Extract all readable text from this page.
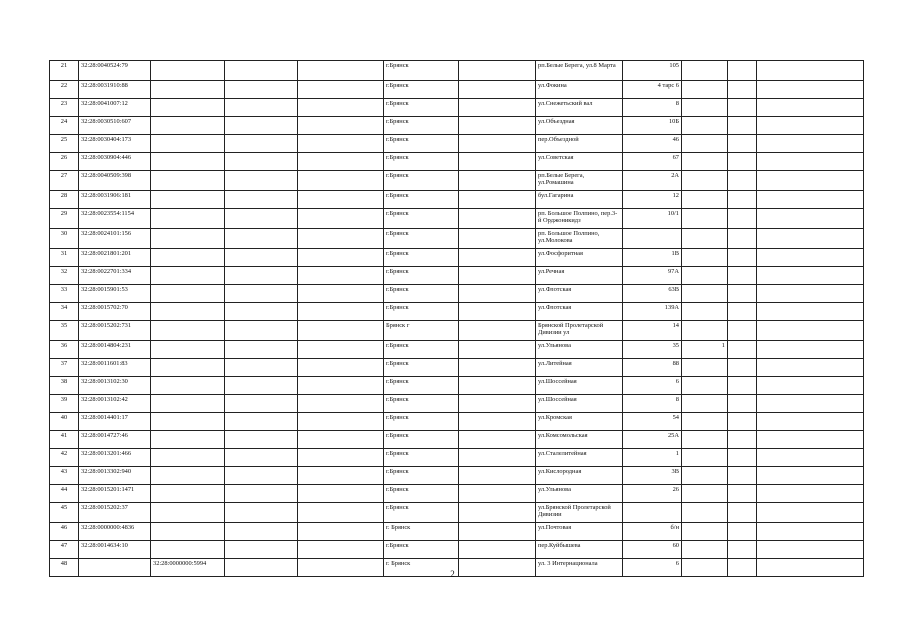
21	32:28:0040524:79				г.Брянск		рп.Белые Берега, ул.8 Марта	105			
22	32:28:0031910:88				г.Брянск		ул.Фокина	4 тарс 6			
23	32:28:0041007:12				г.Брянск		ул.Снежетьский вал	8			
24	32:28:0030510:607				г.Брянск		ул.Объездная	10Б			
25	32:28:0030404:173				г.Брянск		пер.Объездной	46			
26	32:28:0030904:446				г.Брянск		ул.Советская	67			
27	32:28:0040509:398				г.Брянск		рп.Белые Берега, ул.Ромашина	2А			
28	32:28:0031906:181				г.Брянск		бул.Гагарина	12			
29	32:28:0023554:1154				г.Брянск		рп. Большое Полпино, пер.3-й Орджоникидз	10/1			
30	32:28:0024101:156				г.Брянск		рп. Большое Полпино, ул.Молокова				
31	32:28:0021801:201				г.Брянск		ул.Фосфоритная	1В			
32	32:28:0022701:334				г.Брянск		ул.Речная	97А			
33	32:28:0015901:53				г.Брянск		ул.Флотская	63В			
34	32:28:0015702:70				г.Брянск		ул.Флотская	139А			
35	32:28:0015202:731				Брянск г		Брянской Пролетарской Дивизии ул	14			
36	32:28:0014804:231				г.Брянск		ул.Ульянова	35	1		
37	32:28:0011601:83				г.Брянск		ул.Литейная	88			
38	32:28:0013102:30				г.Брянск		ул.Шоссейная	6			
39	32:28:0013102:42				г.Брянск		ул.Шоссейная	8			
40	32:28:0014401:17				г.Брянск		ул.Кромская	54			
41	32:28:0014727:46				г.Брянск		ул.Комсомольская	25А			
42	32:28:0013201:466				г.Брянск		ул.Сталелитейная	1			
43	32:28:0013302:940				г.Брянск		ул.Кислородная	3В			
44	32:28:0015201:1471				г.Брянск		ул.Ульянова	26			
45	32:28:0015202:37				г.Брянск		ул.Брянской Пролетарской Дивизии				
46	32:28:0000000:4836				г. Брянск		ул.Почтовая	б/н			
47	32:28:0014634:10				г.Брянск		пер.Куйбышева	60			
48		32:28:0000000:5994			г. Брянск		ул. 3 Интернационала	6			
2
